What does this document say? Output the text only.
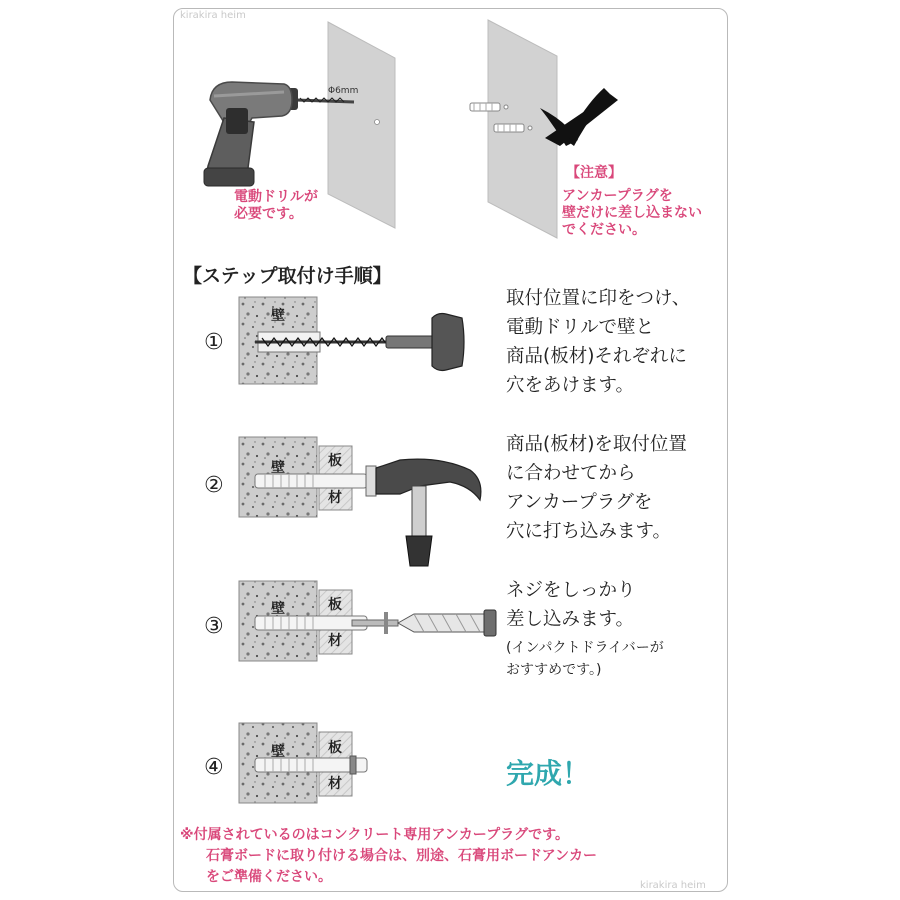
kirakira heim
kirakira heim
Φ6mm
電動ドリルが
必要です。
【注意】
アンカープラグを
壁だけに差し込まない
でください。
【ステップ取付け手順】
壁
壁	板
材
壁	板
材
壁	板
材
①
②
③
④
取付位置に印をつけ、
電動ドリルで壁と
商品(板材)それぞれに
穴をあけます。
商品(板材)を取付位置
に合わせてから
アンカープラグを
穴に打ち込みます。
ネジをしっかり
差し込みます。
(インパクトドライバーが
おすすめです。)
完成！
※付属されているのはコンクリート専用アンカープラグです。
石膏ボードに取り付ける場合は、別途、石膏用ボードアンカー
をご準備ください。
